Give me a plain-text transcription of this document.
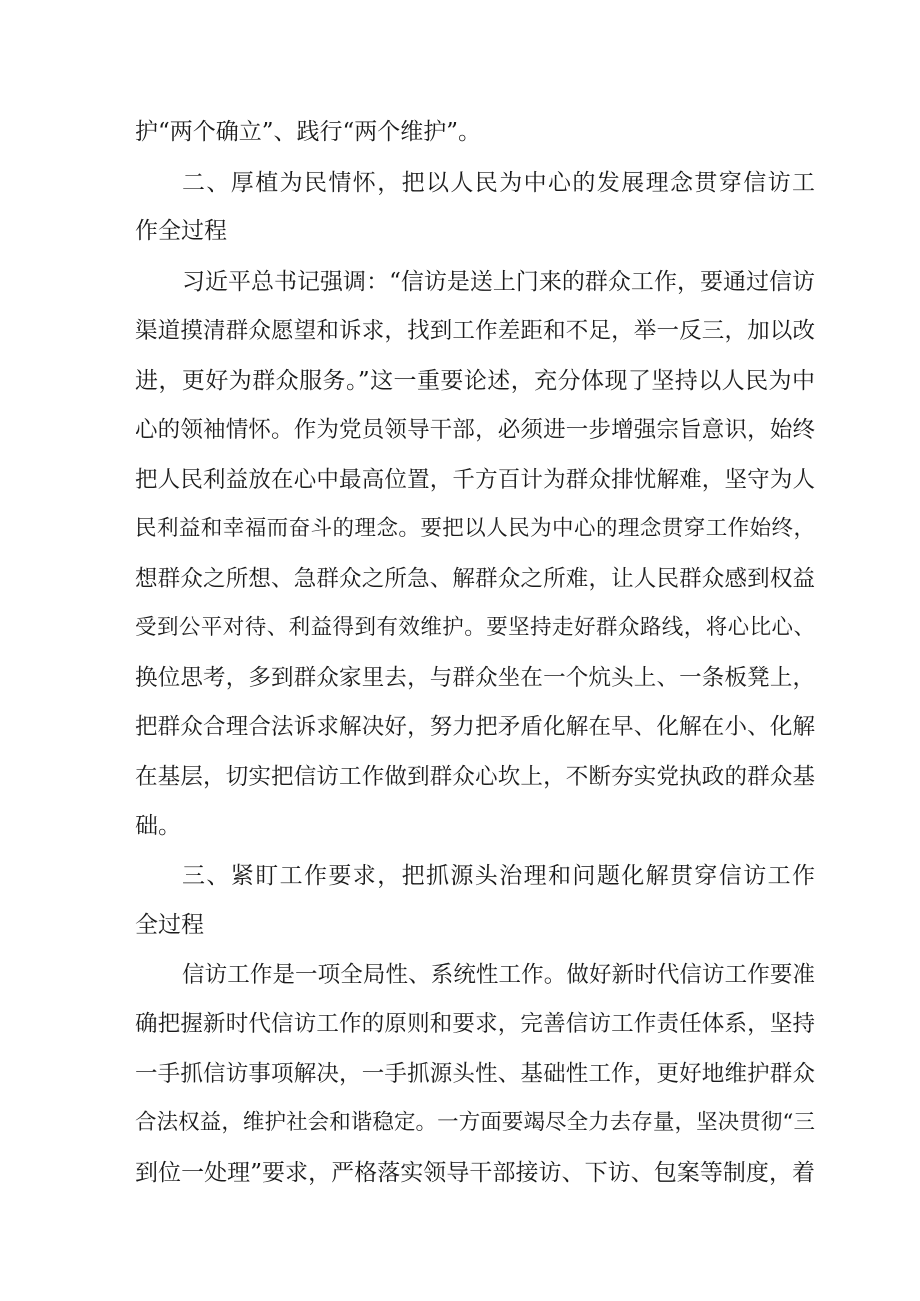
护“两个确立”、践行“两个维护”。
二、厚植为民情怀，把以人民为中心的发展理念贯穿信访工
作全过程
习近平总书记强调：“信访是送上门来的群众工作，要通过信访
渠道摸清群众愿望和诉求，找到工作差距和不足，举一反三，加以改
进，更好为群众服务。”这一重要论述，充分体现了坚持以人民为中
心的领袖情怀。作为党员领导干部，必须进一步增强宗旨意识，始终
把人民利益放在心中最高位置，千方百计为群众排忧解难，坚守为人
民利益和幸福而奋斗的理念。要把以人民为中心的理念贯穿工作始终，
想群众之所想、急群众之所急、解群众之所难，让人民群众感到权益
受到公平对待、利益得到有效维护。要坚持走好群众路线，将心比心、
换位思考，多到群众家里去，与群众坐在一个炕头上、一条板凳上，
把群众合理合法诉求解决好，努力把矛盾化解在早、化解在小、化解
在基层，切实把信访工作做到群众心坎上，不断夯实党执政的群众基
础。
三、紧盯工作要求，把抓源头治理和问题化解贯穿信访工作
全过程
信访工作是一项全局性、系统性工作。做好新时代信访工作要准
确把握新时代信访工作的原则和要求，完善信访工作责任体系，坚持
一手抓信访事项解决，一手抓源头性、基础性工作，更好地维护群众
合法权益，维护社会和谐稳定。一方面要竭尽全力去存量，坚决贯彻“三
到位一处理”要求，严格落实领导干部接访、下访、包案等制度，着
